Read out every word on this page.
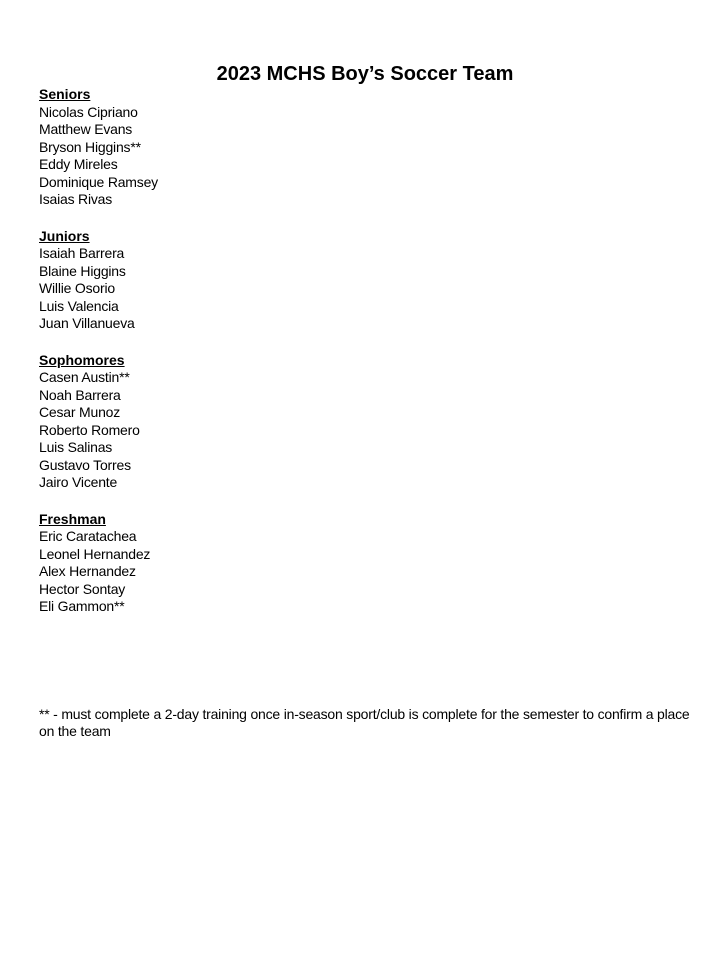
2023 MCHS Boy’s Soccer Team
Seniors
Nicolas Cipriano
Matthew Evans
Bryson Higgins**
Eddy Mireles
Dominique Ramsey
Isaias Rivas
Juniors
Isaiah Barrera
Blaine Higgins
Willie Osorio
Luis Valencia
Juan Villanueva
Sophomores
Casen Austin**
Noah Barrera
Cesar Munoz
Roberto Romero
Luis Salinas
Gustavo Torres
Jairo Vicente
Freshman
Eric Caratachea
Leonel Hernandez
Alex Hernandez
Hector Sontay
Eli Gammon**
** - must complete a 2-day training once in-season sport/club is complete for the semester to confirm a place on the team
